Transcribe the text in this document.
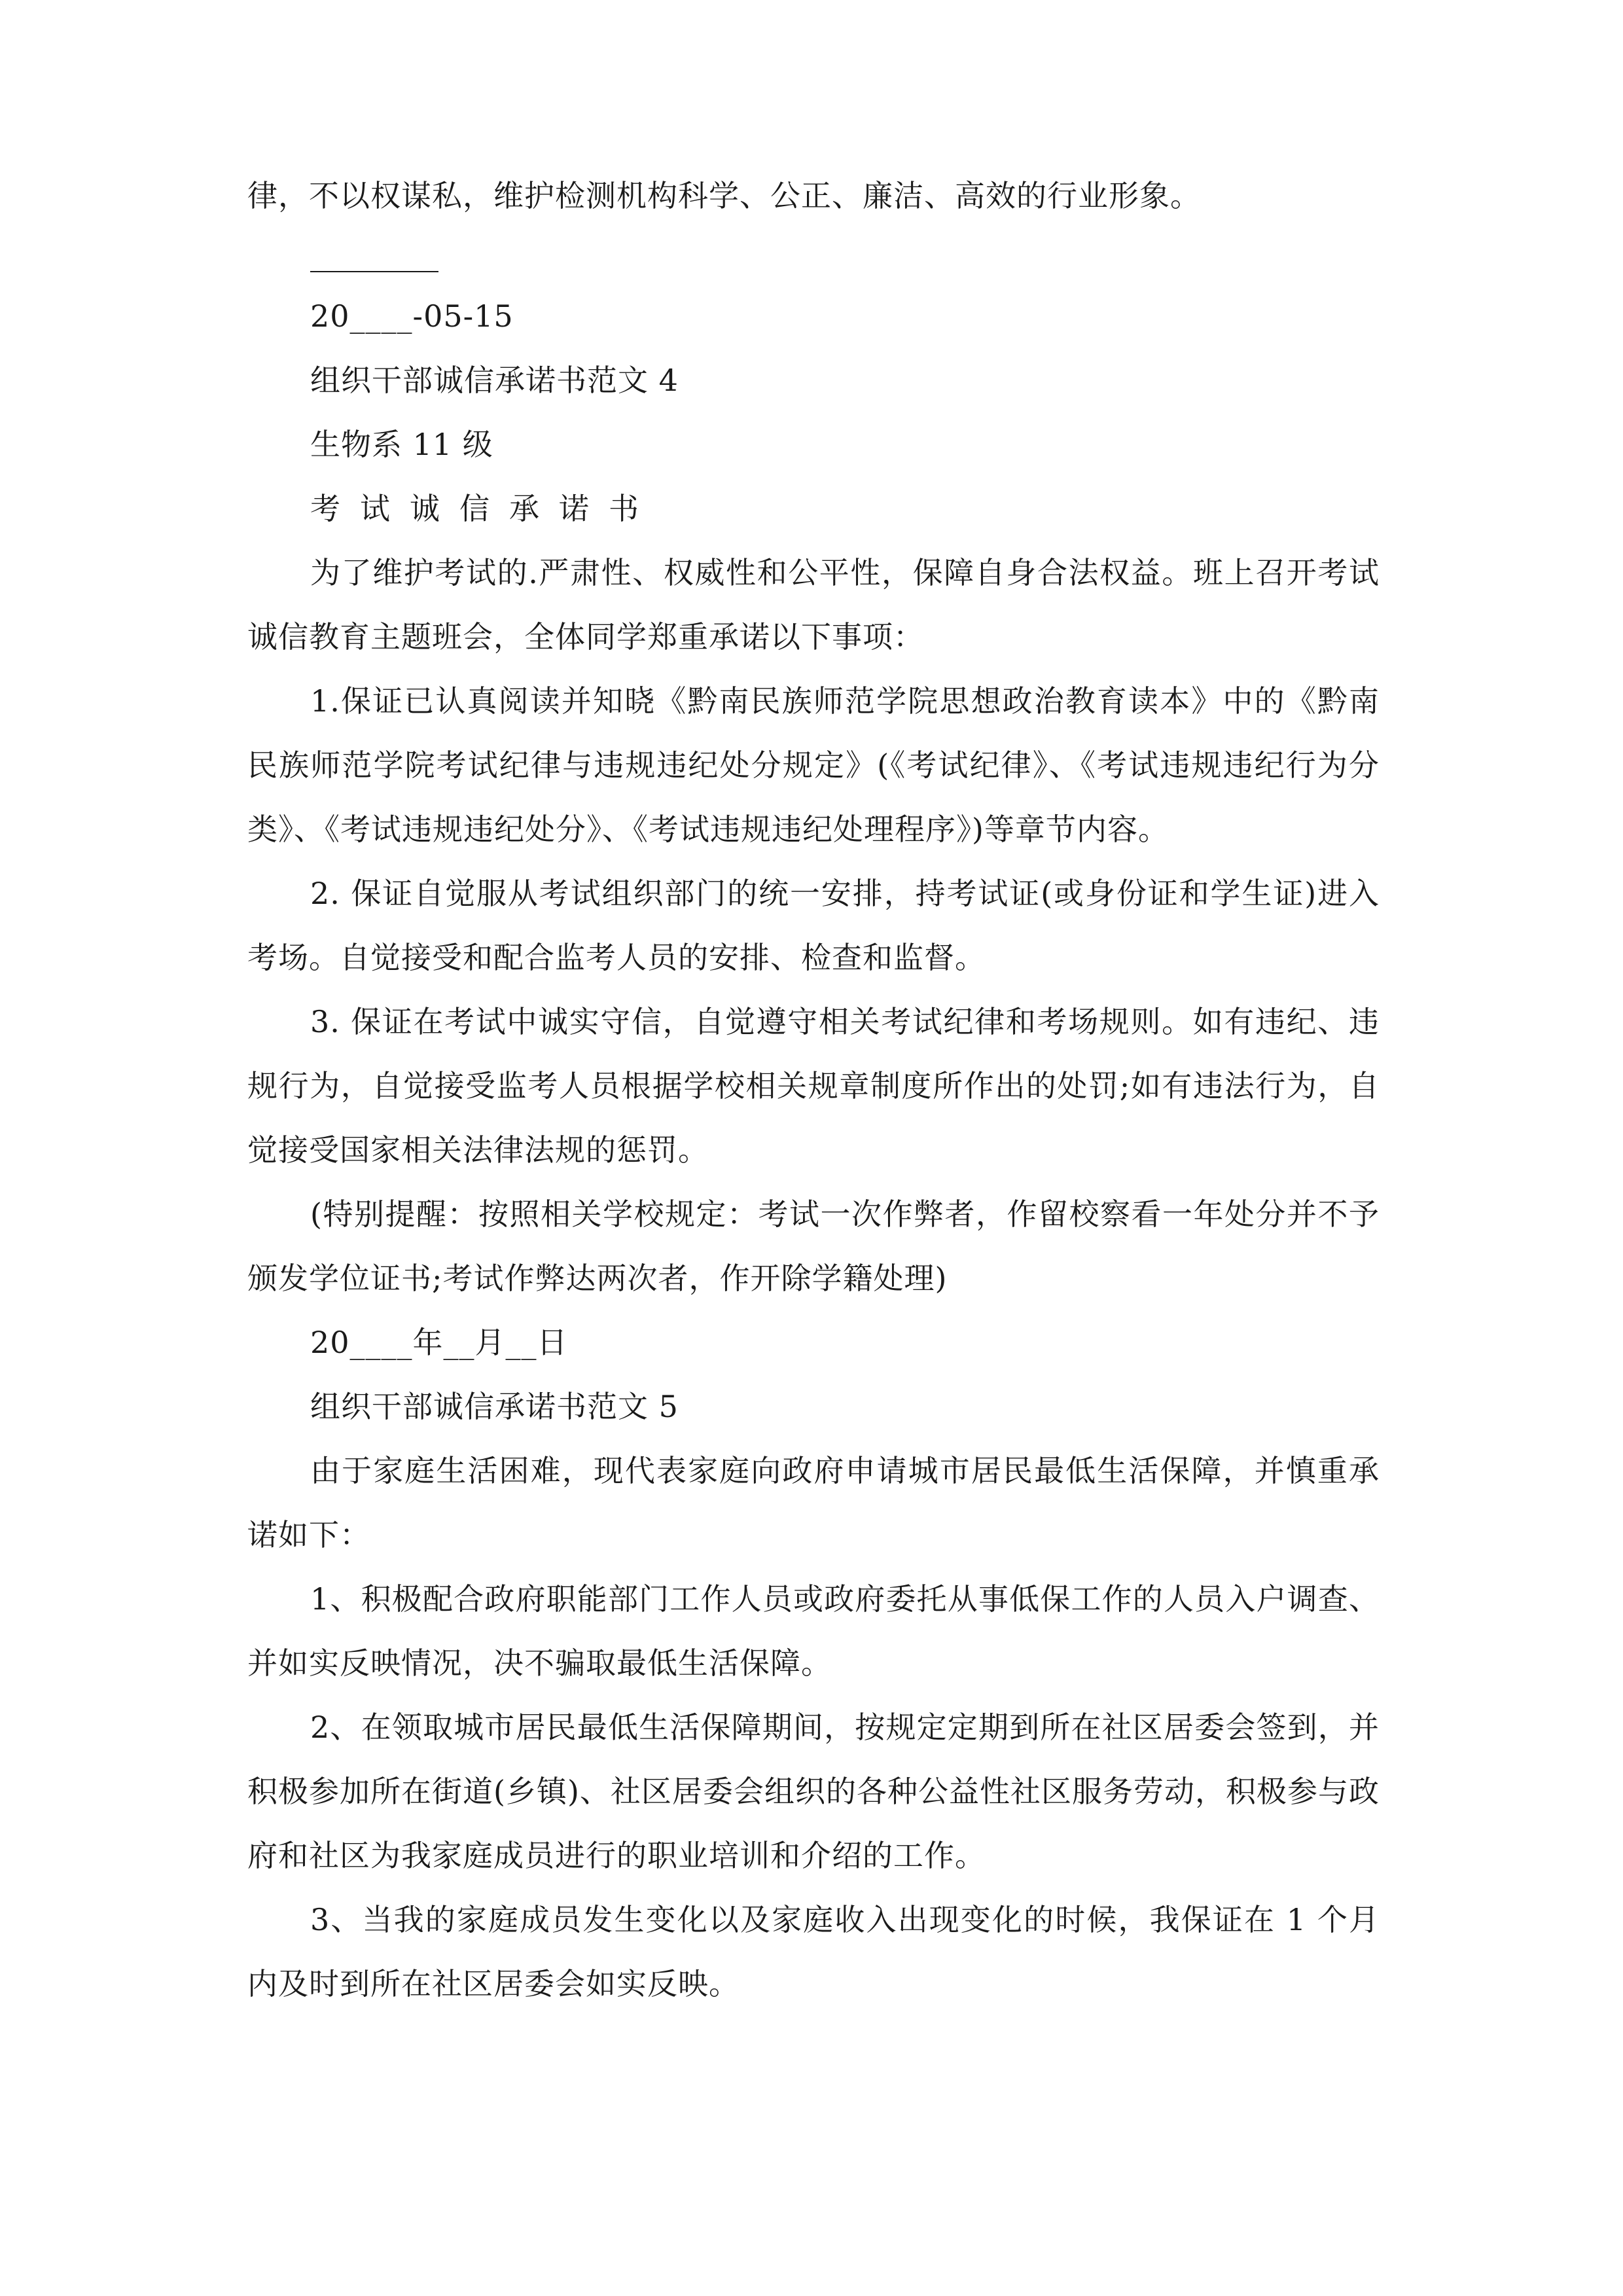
律，不以权谋私，维护检测机构科学、公正、廉洁、高效的行业形象。

20____-05-15

组织干部诚信承诺书范文 4

生物系 11 级

考试诚信承诺书

为了维护考试的.严肃性、权威性和公平性，保障自身合法权益。班上召开考试诚信教育主题班会，全体同学郑重承诺以下事项：

1.保证已认真阅读并知晓《黔南民族师范学院思想政治教育读本》中的《黔南民族师范学院考试纪律与违规违纪处分规定》(《考试纪律》、《考试违规违纪行为分类》、《考试违规违纪处分》、《考试违规违纪处理程序》)等章节内容。

2. 保证自觉服从考试组织部门的统一安排，持考试证(或身份证和学生证)进入考场。自觉接受和配合监考人员的安排、检查和监督。

3. 保证在考试中诚实守信，自觉遵守相关考试纪律和考场规则。如有违纪、违规行为，自觉接受监考人员根据学校相关规章制度所作出的处罚;如有违法行为，自觉接受国家相关法律法规的惩罚。

(特别提醒：按照相关学校规定：考试一次作弊者，作留校察看一年处分并不予颁发学位证书;考试作弊达两次者，作开除学籍处理)

20____年__月__日

组织干部诚信承诺书范文 5

由于家庭生活困难，现代表家庭向政府申请城市居民最低生活保障，并慎重承诺如下：

1、积极配合政府职能部门工作人员或政府委托从事低保工作的人员入户调查、并如实反映情况，决不骗取最低生活保障。

2、在领取城市居民最低生活保障期间，按规定定期到所在社区居委会签到，并积极参加所在街道(乡镇)、社区居委会组织的各种公益性社区服务劳动，积极参与政府和社区为我家庭成员进行的职业培训和介绍的工作。

3、当我的家庭成员发生变化以及家庭收入出现变化的时候，我保证在 1 个月内及时到所在社区居委会如实反映。
